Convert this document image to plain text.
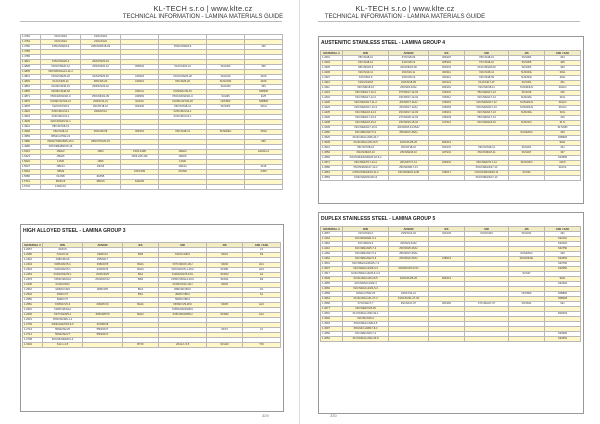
KL-TECH s.r.o | www.klte.cz
TECHNICAL INFORMATION - LAMINA MATERIALS GUIDE
1.4762	X10CrAl24	Z10CAS24				
1.4763	X10CrAl24	Z10CAS24				
1.4782	X45CrNiW18-9	Z35CNWS18-09		X53CrNiW18-9		446
1.4785						
1.4786						
1.4821	X15CrNiSi25-4	Z20CNS25-04				
1.4828	X15CrNiSi20-12	Z15CNS20-12	309S24	X16CrNi23-14	SUH309	309
1.4835	X9CrNiSiNCe21-11-2					
1.4841	X15CrNiSi25-20	Z12CNS25-20	310S24	X16CrNiSi25-20	SUH310	310S
1.4845	X12CrNi25-21	Z8CN25-20	310S16	X6CrNi25-20	SUS310S	310S
1.4864	X12NiCrSi36-16	Z20NCS33-16			SUH330	330
1.4865	X40NiCrSi38-18		330C11	XG50NiCr39-19		N08330
1.4871	X53CrMnNiN21-9	Z53CMN21-09	349S54	X53CrMnNiN21-9	SUH35	EV8
1.4876	X10NiCrAlTi32-21	Z10NC32-21	NA15H	X10NiCrAlTi32-20	NCF800	N08800
1.4878	X12CrNiTi18-9	Z6CNT18-10	321S32	X6CrNiTi18-11	SUS321	321H
1.4922	X20CrMoV12-1	Z20CDV12		X20CrMoV12-1		
1.4923	X22CrMoV12-1			X22CrMoV12-1		
1.4935	X20CrMoWV12-1					
1.4941	X8CrNiTi18-10					
1.4948	X6CrNi18-11	Z6CN18-09	304S51	X6CrNi18-11	SUS304H	304H
1.4959	X8NiCrAlTi32-21					
1.4980	X6NiCrTiMoVB25-15-2	Z6NCTDV25-15				660
1.4986	X8CrNiMoBNb16-16					
1.5415	16Mo3	15D3	1503-243B	16Mo3		A204Gr.A
1.5423	16Mo5		1503-245-420	16Mo5		
1.5622	14Ni6	16N6		14Ni6		
1.5637	10Ni14	10N14		12Ni14		3415
1.5662	X8Ni9		1501-509	X10Ni9		A353
1.5680	X12Ni5	Z18N5				
1.5710	36NiCr6	35NC6	640A35			
1.5732	14NiCr10					
HIGH ALLOYED STEEL - LAMINA GROUP 3
MATERIAL #	DIN	AFNOR	BS	UNI	JIS	AISI / SAE
1.2067	102Cr6					L3
1.2080	X210Cr12	Z200C12	BD3	X210Cr13KU	SKD1	D3
1.2316	X38CrMo16	Z35CD17				
1.2343	X38CrMoV5-1	Z38CDV5	BH11	X37CrMoV5-1KU	SKD6	H11
1.2344	X40CrMoV5-1	Z40CDV5	BH13	X40CrMoV5-1-1KU	SKD61	H13
1.2363	X100CrMoV5-1	Z100CDV5	BA2	X100CrMoV5-1KU	SKD12	A2
1.2379	X153CrMoV12	Z160CDV12	BD2	X155CrVMo12-1KU	SKD11	D2
1.2436	X210CrW12			X215CrW12-1KU	SKD2	
1.2510	100MnCrW4	90MCW5	BO1	95MnWCr5KU		O1
1.2542	45WCrV7		BS1	45WCrV8KU		S1
1.2550	60WCrV7			55WCrV8KU		
1.2581	X30WCrV9-3	Z30WCV9	BH21	X30WCrV9-3KU	SKD5	H21
1.2601	X165CrMoV12			X165CrMoW12KU		
1.2606	X37CrMoW5-1	Z35CWDV5	BH12	X35CrMoW05KU	SKD62	H12
1.2631	X50CrMoW9-1-1					
1.2709	X3NiCoMoTi18-9-5	Z2NKD18				
1.2713	55NiCrMoV6	55NCDV7			SKT4	L6
1.2714	56NiCrMoV7	55NCDV7				
1.2738	40CrMnNiMo8-6-4					
1.3202	S12-1-4-5		BT15	HS12-1-5-5	SKH10	T15
329
KL-TECH s.r.o | www.klte.cz
TECHNICAL INFORMATION - LAMINA MATERIALS GUIDE
AUSTENITIC STAINLESS STEEL - LAMINA GROUP 4
MATERIAL #	DIN	AFNOR	BS	UNI	JIS	AISI / SAE
1.4301	X5CrNi18-10	Z7CN18-09	304S15	X5CrNi18-10	SUS304	304
1.4303	X4CrNi18-12	Z1CN18-12	305S19	X7CrNi18-10	SUS305	305
1.4305	X8CrNiS18-9	Z10CNF18-09	303S31	X10CrNiS18-09	SUS303	303
1.4306	X2CrNi19-11	Z3CN19-11	304S11	X2CrNi18-11	SUS304L	304L
1.4307	X2CrNi18-9	Z3CN18-10	304S11	X2CrNi18-09	SUS304L	304L
1.4310	X10CrNi18-8	Z12CN18-09	301S21	X12CrNi17-07	SUS301	301
1.4311	X2CrNiN18-10	Z3CN18-10Az	304S61	X2CrNiN18-11	SUS304LN	304LN
1.4401	X5CrNiMo17-12-2	Z7CND17-12-02	316S31	X5CrNiMo17-12	SUS316	316
1.4404	X2CrNiMo17-12-2	Z3CND17-12-02	316S11	X2CrNiMo17-12	SUS316L	316L
1.4406	X2CrNiMoN17-11-2	Z3CND17-11Az	316S61	X2CrNiMoN17-12	SUS316LN	316LN
1.4429	X2CrNiMoN17-13-3	Z3CND17-12Az	316S63	X2CrNiMoN17-13	SUS316LN	316LN
1.4435	X2CrNiMo18-14-3	Z3CND17-12-03	316S13	X2CrNiMo17-13	SUS316L	316L
1.4436	X3CrNiMo17-13-3	Z7CND18-12-03	316S33	X5CrNiMo17-13		316
1.4438	X2CrNiMo18-15-4	Z3CND19-15-04	317S12	X2CrNiMo18-16	SUS317L	317L
1.4439	X2CrNiMoN17-13-5	Z3CND18-14-05Az				317LMN
1.4460	X3CrNiMoN27-5-2	Z5CND27-05Az			SUS329J1	329
1.4529	X1NiCrMoCuN25-20-7					N08926
1.4539	X1NiCrMoCu25-20-5	Z2NCDU25-20	904S13			904L
1.4541	X6CrNiTi18-10	Z6CNT18-10	321S31	X6CrNiTi18-11	SUS321	321
1.4550	X6CrNiNb18-10	Z6CNNb18-10	347S31	X6CrNiNb18-11	SUS347	347
1.4565	X2CrNiMnMoNbN25-18-5-4					S34565
1.4571	X6CrNiMoTi17-12-2	Z6CNDT17-12	320S31	X6CrNiMoTi17-12	SUS316Ti	316Ti
1.4580	X6CrNiMoNb17-12-2	Z6CNDNb17-13		X6CrNiMoNb17-13		316Cb
1.4581	GX5CrNiMoNb19-11-2	Z4CNDNb18-12M	318C17	GX6CrNiMoNb20-11	SCS22	
1.4583	X10CrNiMoNb18-12			X6CrNiMoNb17-13		
DUPLEX STAINLESS STEEL - LAMINA GROUP 5
MATERIAL #	DIN	AFNOR	BS	UNI	JIS	AISI / SAE
1.4057	X17CrNi16-2	Z15CN16-02	431S29	X16CrNi16	SUS431	431
1.4162	X2CrMnNiN21-5-1					S32101
1.4362	X2CrNiN23-4	Z3CN23-04Az				S32304
1.4410	X2CrNiMoN25-7-4	Z3CND25-06Az				S32750
1.4460	X3CrNiMoN27-5-2	Z5CND27-05Az			SUS329J1	329
1.4462	X2CrNiMoN22-5-3	Z3CND22-05Az	318S13		SUS329J3L	S31803
1.4501	X2CrNiMoCuWN25-7-4					S32760
1.4507	X2CrNiMoCuN25-6-3	Z3CNDU25-07Az				S32550
1.4517	GX2CrNiMoCuN25-6-3-3				SCS27	
1.4539	X1NiCrMoCu25-20-5	Z2NCDU25-20	904S13			904L
1.4655	X2CrNiMoCuN23-4					S32304
1.4669	X2CrNiMoCuN23-5-3					
1.4558	X2NiCrAlTi32-20	Z2NCT32-21			NCF800	N08800
1.4563	X1NiCrMoCu31-27-4	Z1NCDU31-27-03				N08028
1.4568	X7CrNiAl17-7	Z9CNA17-07	301S81	X7CrNiAl17-07	SUS631	631
1.4577	X3CrNiMoTi25-25					
1.4591	X1CrNiMoCuN33-32-1					R20033
1.4592	X2CrMoTi29-4					
1.4594	X5CrNiMoCuNb14-5					
1.4597	X8CrMnCuNB17-8-3					
1.4650	X2CrNiMoN29-7-2					S32906
1.4652	X1CrNiMoCuN24-22-8					S32654
330
